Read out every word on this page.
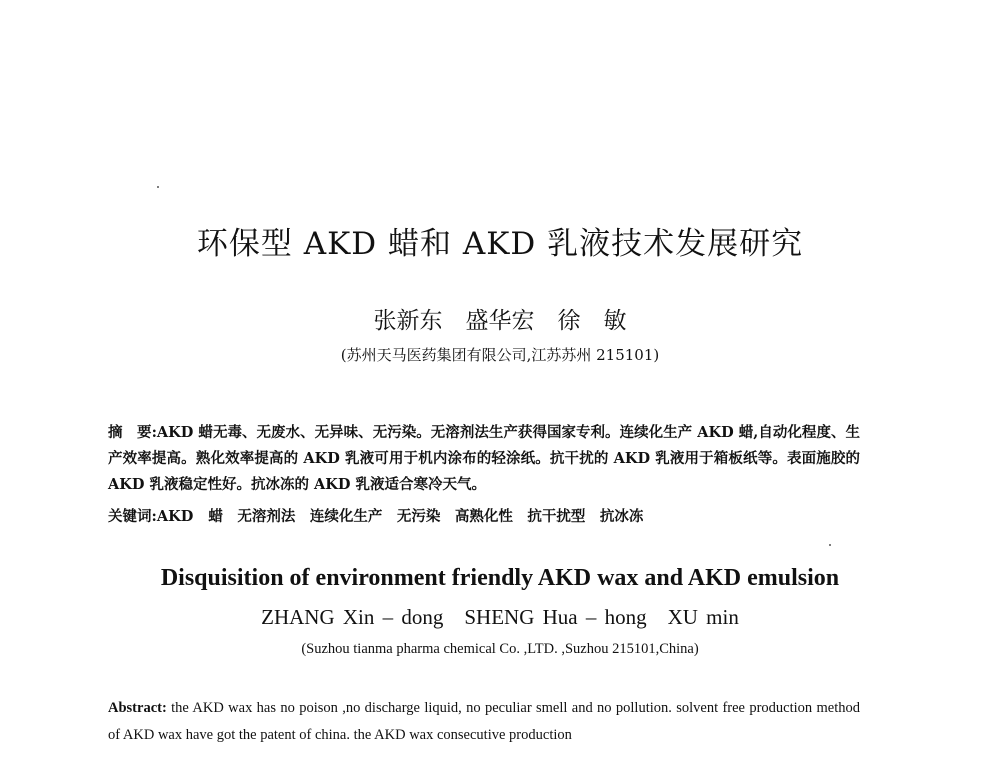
环保型 AKD 蜡和 AKD 乳液技术发展研究
张新东　盛华宏　徐　敏
(苏州天马医药集团有限公司,江苏苏州 215101)
摘　要:AKD 蜡无毒、无废水、无异味、无污染。无溶剂法生产获得国家专利。连续化生产 AKD 蜡,自动化程度、生产效率提高。熟化效率提高的 AKD 乳液可用于机内涂布的轻涂纸。抗干扰的 AKD 乳液用于箱板纸等。表面施胶的 AKD 乳液稳定性好。抗冰冻的 AKD 乳液适合寒冷天气。
关键词:AKD 蜡　无溶剂法　连续化生产　无污染　高熟化性　抗干扰型　抗冰冻
Disquisition of environment friendly AKD wax and AKD emulsion
ZHANG Xin – dong　SHENG Hua – hong　XU min
(Suzhou tianma pharma chemical Co. ,LTD. ,Suzhou 215101,China)
Abstract: the AKD wax has no poison ,no discharge liquid, no peculiar smell and no pollution. solvent free production method of AKD wax have got the patent of china. the AKD wax consecutive production
